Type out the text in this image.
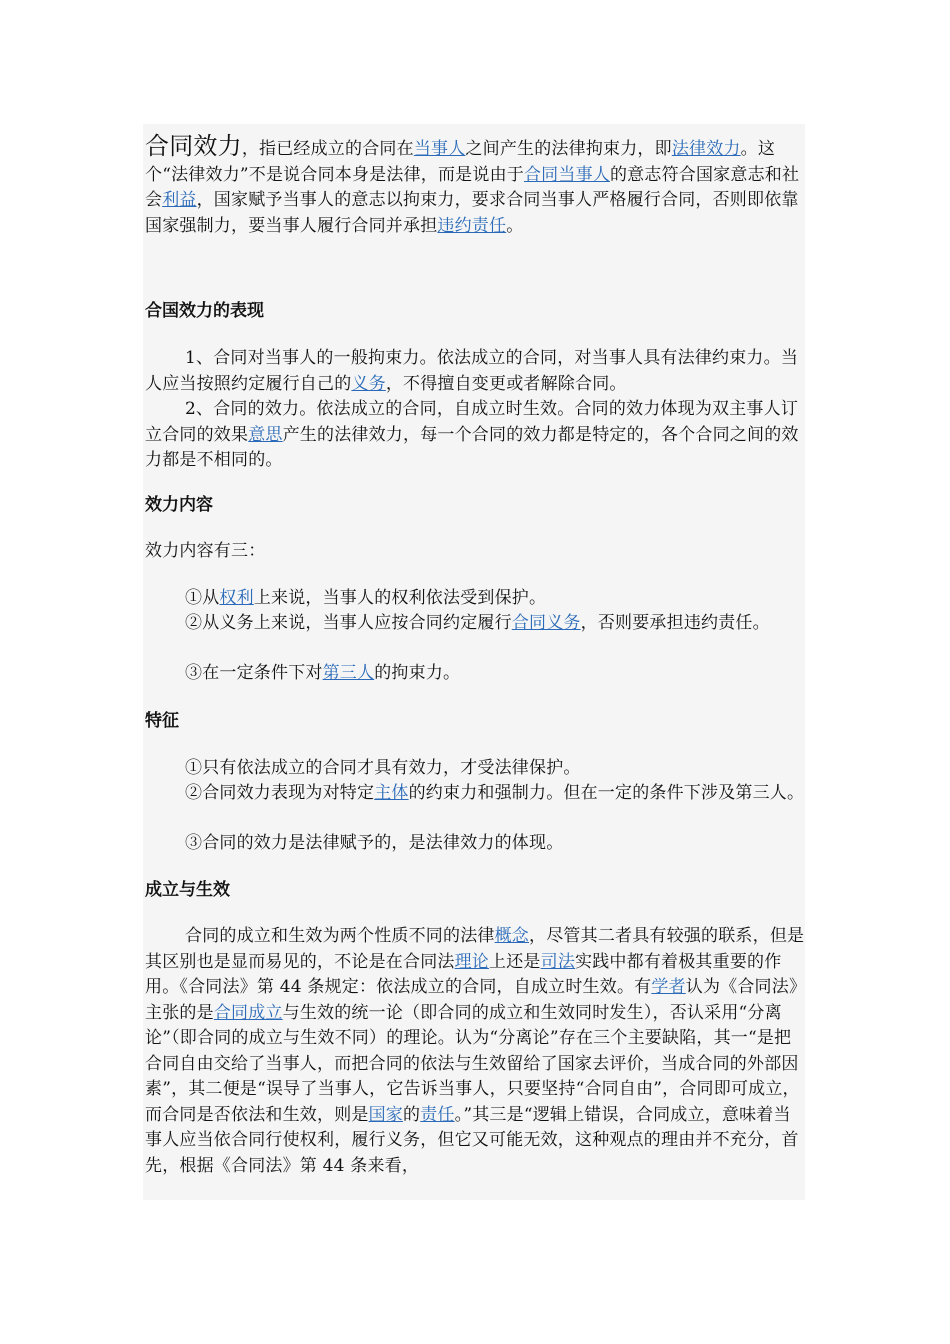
合同效力，指已经成立的合同在当事人之间产生的法律拘束力，即法律效力。这个“法律效力”不是说合同本身是法律，而是说由于合同当事人的意志符合国家意志和社会利益，国家赋予当事人的意志以拘束力，要求合同当事人严格履行合同，否则即依靠国家强制力，要当事人履行合同并承担违约责任。

合国效力的表现

1、合同对当事人的一般拘束力。依法成立的合同，对当事人具有法律约束力。当人应当按照约定履行自己的义务，不得擅自变更或者解除合同。

2、合同的效力。依法成立的合同，自成立时生效。合同的效力体现为双主事人订立合同的效果意思产生的法律效力，每一个合同的效力都是特定的，各个合同之间的效力都是不相同的。

效力内容

效力内容有三：

①从权利上来说，当事人的权利依法受到保护。

②从义务上来说，当事人应按合同约定履行合同义务，否则要承担违约责任。

③在一定条件下对第三人的拘束力。

特征

①只有依法成立的合同才具有效力，才受法律保护。

②合同效力表现为对特定主体的约束力和强制力。但在一定的条件下涉及第三人。

③合同的效力是法律赋予的，是法律效力的体现。

成立与生效

合同的成立和生效为两个性质不同的法律概念，尽管其二者具有较强的联系，但是其区别也是显而易见的，不论是在合同法理论上还是司法实践中都有着极其重要的作用。《合同法》第 44 条规定：依法成立的合同，自成立时生效。有学者认为《合同法》主张的是合同成立与生效的统一论（即合同的成立和生效同时发生），否认采用“分离论”（即合同的成立与生效不同）的理论。认为“分离论”存在三个主要缺陷，其一“是把合同自由交给了当事人，而把合同的依法与生效留给了国家去评价，当成合同的外部因素”，其二便是“误导了当事人，它告诉当事人，只要坚持“合同自由”，合同即可成立，而合同是否依法和生效，则是国家的责任。”其三是“逻辑上错误，合同成立，意味着当事人应当依合同行使权利，履行义务，但它又可能无效，这种观点的理由并不充分，首先，根据《合同法》第 44 条来看，
